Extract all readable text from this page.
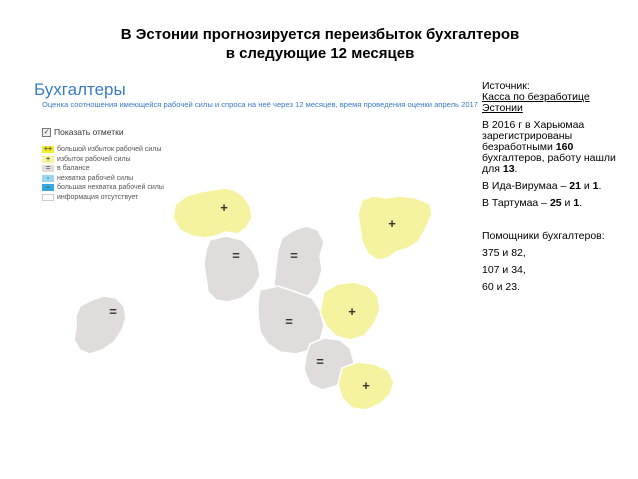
В Эстонии прогнозируется переизбыток бухгалтеров
в следующие 12 месяцев
Бухгалтеры
Оценка соотношения имеющейся рабочей силы и спроса на неё через 12 месяцев, время проведения оценки апрель 2017
✓ Показать отметки
++ большой избыток рабочей силы
+ избыток рабочей силы
= в балансе
-	нехватка рабочей силы
-- большая нехватка рабочей силы
информация отсутствует
+
+
=	=
=
=
=
+
+

Источник:
Касса по безработице Эстонии

В 2016 г в Харьюмаа зарегистрированы безработными 160 бухгалтеров, работу нашли для 13.

В Ида-Вирумаа – 21 и 1.

В Тартумаа – 25 и 1.

Помощники бухгалтеров:

375 и 82,

107 и 34,

60 и 23.
